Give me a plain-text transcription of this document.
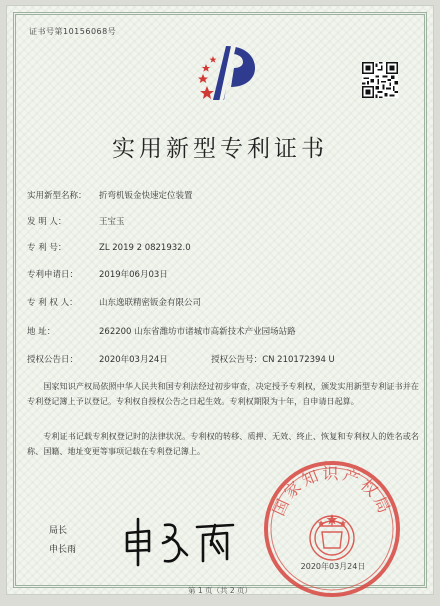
证书号第10156068号
实用新型专利证书
实用新型名称： 折弯机钣金快速定位装置
发 明 人：	王宝玉
专 利 号：	ZL 2019 2 0821932.0
专利申请日： 2019年06月03日
专 利 权 人：	山东逸联精密钣金有限公司
地 址：	262200 山东省潍坊市诸城市高新技术产业园场站路
授权公告日： 2020年03月24日	授权公告号：CN 210172394 U
国家知识产权局依照中华人民共和国专利法经过初步审查，决定授予专利权，颁发实用新型专利证书并在专利登记簿上予以登记。专利权自授权公告之日起生效。专利权期限为十年，自申请日起算。
专利证书记载专利权登记时的法律状况。专利权的转移、质押、无效、终止、恢复和专利权人的姓名或名称、国籍、地址变更等事项记载在专利登记簿上。
局长
申长雨
国家知识产权局
2020年03月24日
第 1 页（共 2 页）
